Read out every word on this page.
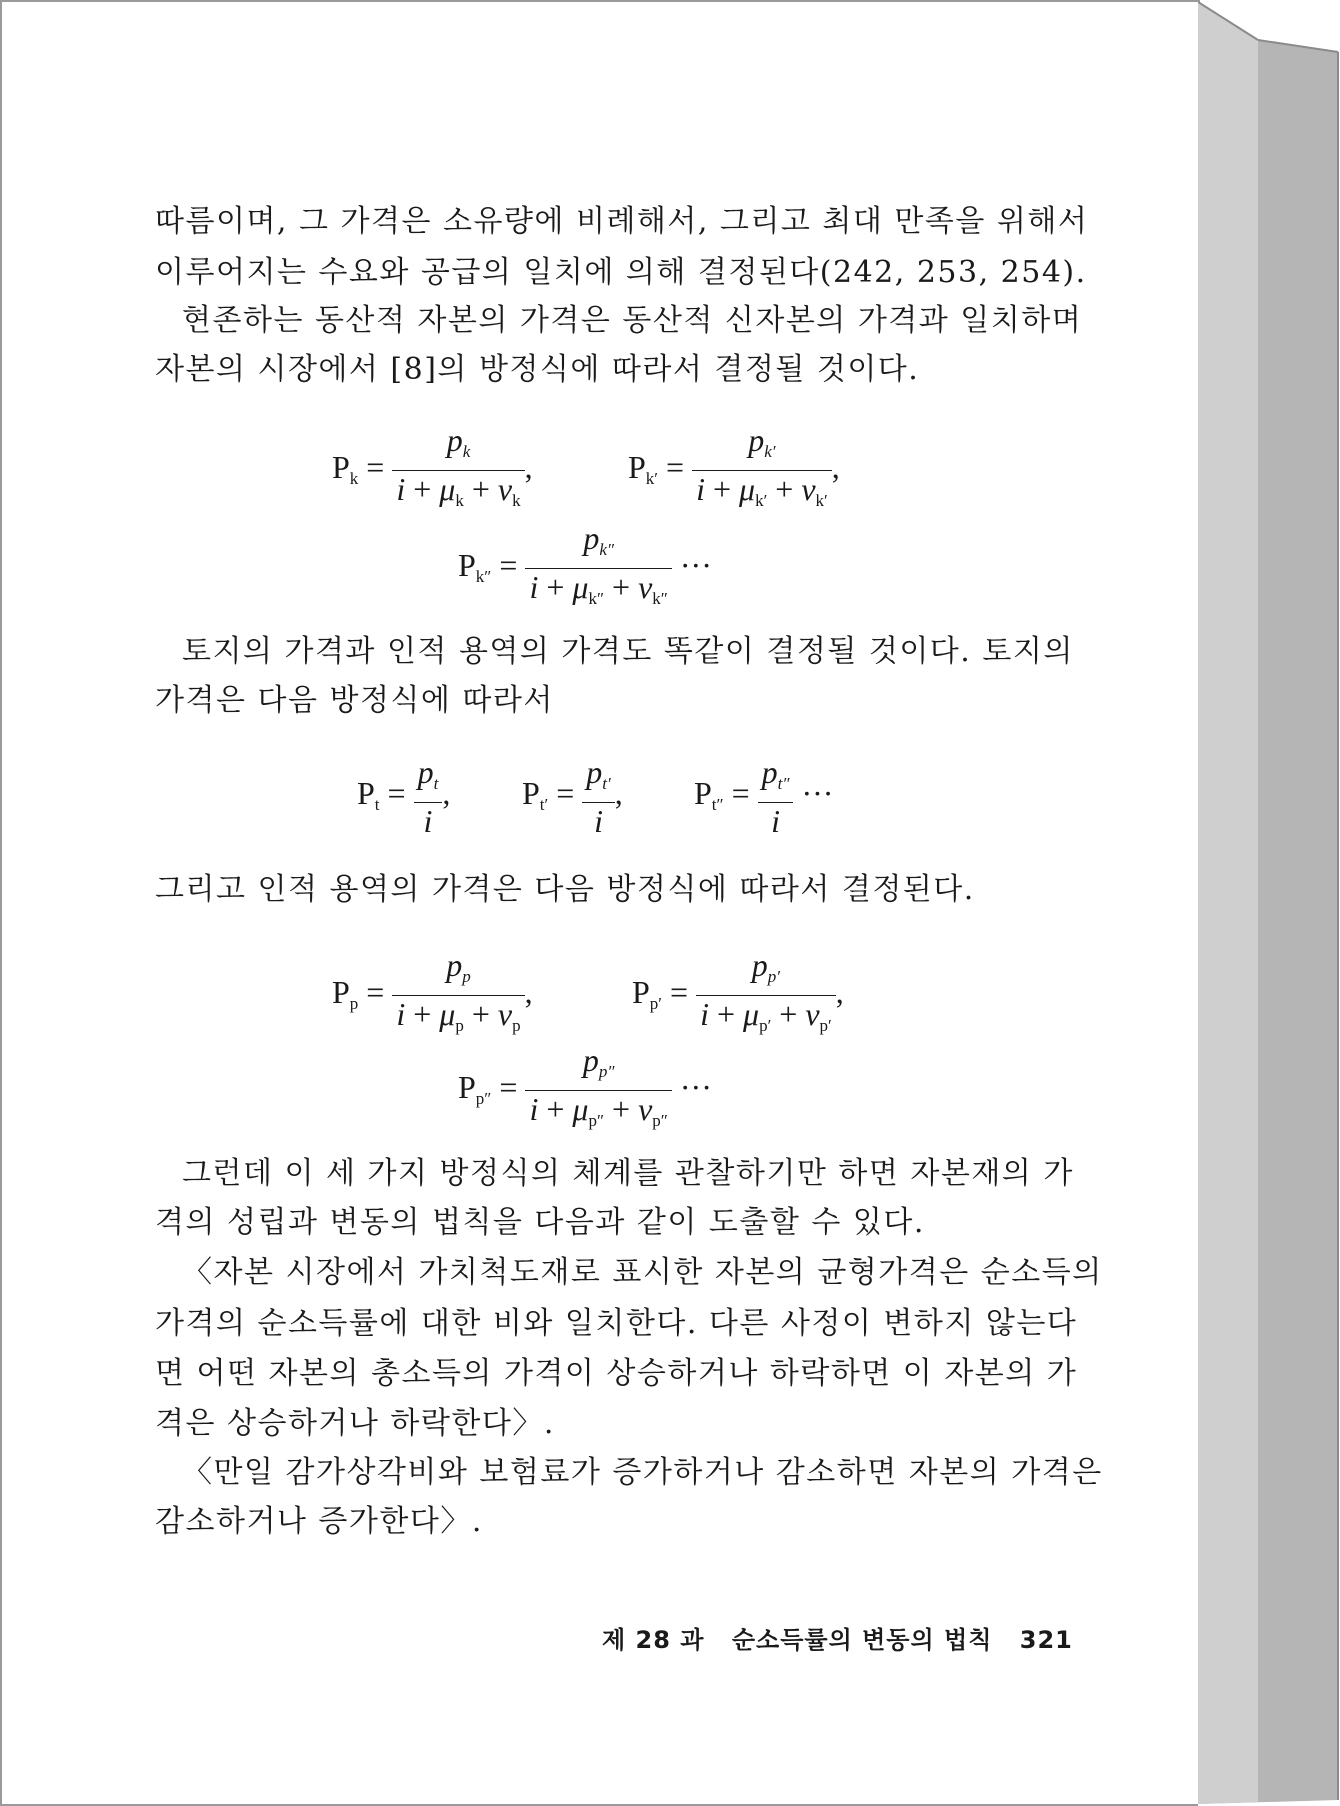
따름이며, 그 가격은 소유량에 비례해서, 그리고 최대 만족을 위해서
이루어지는 수요와 공급의 일치에 의해 결정된다(242, 253, 254).
현존하는 동산적 자본의 가격은 동산적 신자본의 가격과 일치하며
자본의 시장에서 [8]의 방정식에 따라서 결정될 것이다.
$P_k = \frac{p_k}{i + \mu_k + \nu_k}$ ,	$P_{k'} = \frac{p_{k'}}{i + \mu_{k'} + \nu_{k'}}$ ,
$P_{k''} = \frac{p_{k''}}{i + \mu_{k''} + \nu_{k''}}$ ···
토지의 가격과 인적 용역의 가격도 똑같이 결정될 것이다. 토지의
가격은 다음 방정식에 따라서
$P_t = \frac{p_t}{i}$ , $P_{t'} = \frac{p_{t'}}{i}$ , $P_{t''} = \frac{p_{t''}}{i}$ ···
그리고 인적 용역의 가격은 다음 방정식에 따라서 결정된다.
$P_p = \frac{p_p}{i + \mu_p + \nu_p}$ ,	$P_{p'} = \frac{p_{p'}}{i + \mu_{p'} + \nu_{p'}}$ ,
$P_{p''} = \frac{p_{p''}}{i + \mu_{p''} + \nu_{p''}}$ ···
그런데 이 세 가지 방정식의 체계를 관찰하기만 하면 자본재의 가
격의 성립과 변동의 법칙을 다음과 같이 도출할 수 있다.
〈자본 시장에서 가치척도재로 표시한 자본의 균형가격은 순소득의
가격의 순소득률에 대한 비와 일치한다. 다른 사정이 변하지 않는다
면 어떤 자본의 총소득의 가격이 상승하거나 하락하면 이 자본의 가
격은 상승하거나 하락한다〉.
〈만일 감가상각비와 보험료가 증가하거나 감소하면 자본의 가격은
감소하거나 증가한다〉.
제 28 과 순소득률의 변동의 법칙 321
